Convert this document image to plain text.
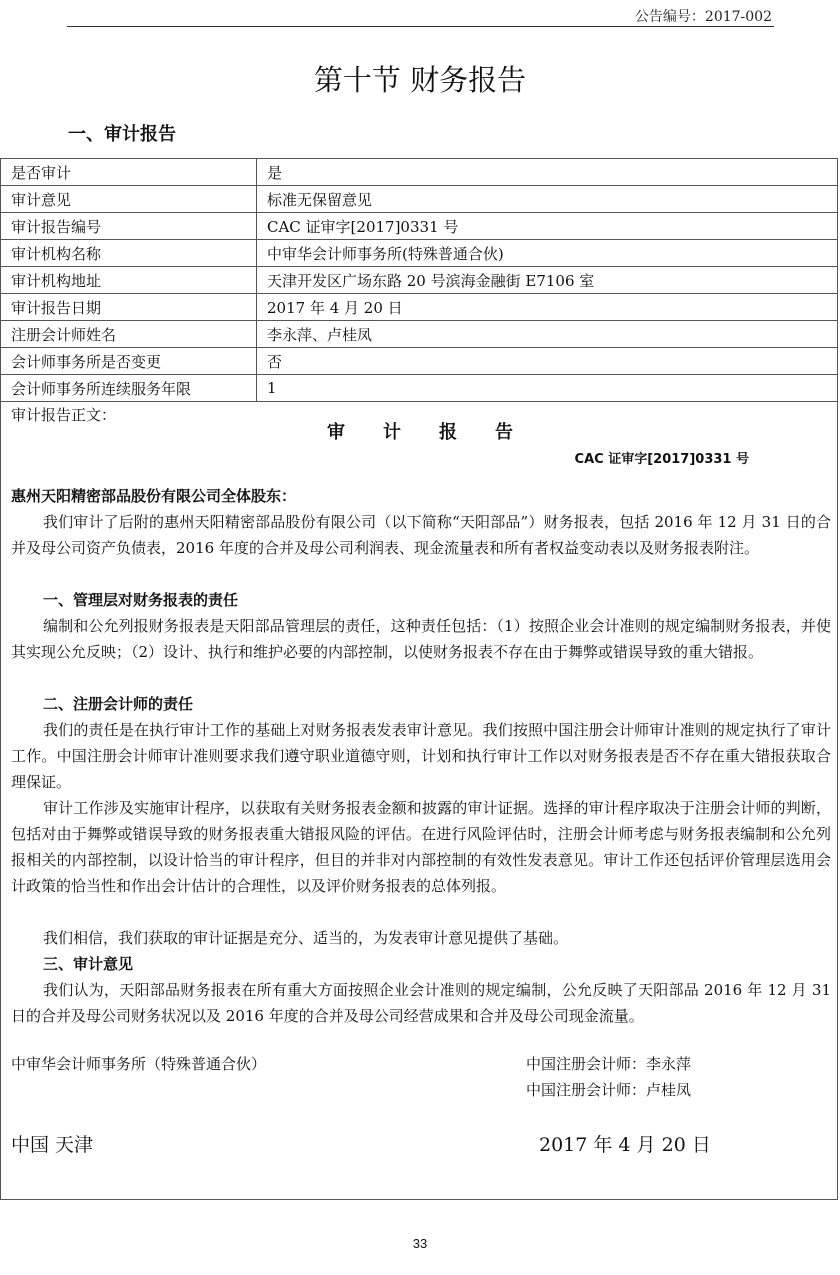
公告编号：2017-002
第十节 财务报告
一、审计报告
是否审计	是
审计意见	标准无保留意见
审计报告编号	CAC 证审字[2017]0331 号
审计机构名称	中审华会计师事务所(特殊普通合伙)
审计机构地址	天津开发区广场东路 20 号滨海金融街 E7106 室
审计报告日期	2017 年 4 月 20 日
注册会计师姓名	李永萍、卢桂凤
会计师事务所是否变更	否
会计师事务所连续服务年限	1
审计报告正文：
审计报告
CAC 证审字[2017]0331 号
惠州天阳精密部品股份有限公司全体股东：
我们审计了后附的惠州天阳精密部品股份有限公司（以下简称“天阳部品”）财务报表，包括 2016 年 12 月 31 日的合并及母公司资产负债表，2016 年度的合并及母公司利润表、现金流量表和所有者权益变动表以及财务报表附注。
一、管理层对财务报表的责任
编制和公允列报财务报表是天阳部品管理层的责任，这种责任包括：（1）按照企业会计准则的规定编制财务报表，并使其实现公允反映；（2）设计、执行和维护必要的内部控制，以使财务报表不存在由于舞弊或错误导致的重大错报。
二、注册会计师的责任
我们的责任是在执行审计工作的基础上对财务报表发表审计意见。我们按照中国注册会计师审计准则的规定执行了审计工作。中国注册会计师审计准则要求我们遵守职业道德守则，计划和执行审计工作以对财务报表是否不存在重大错报获取合理保证。
审计工作涉及实施审计程序，以获取有关财务报表金额和披露的审计证据。选择的审计程序取决于注册会计师的判断，包括对由于舞弊或错误导致的财务报表重大错报风险的评估。在进行风险评估时，注册会计师考虑与财务报表编制和公允列报相关的内部控制，以设计恰当的审计程序，但目的并非对内部控制的有效性发表意见。审计工作还包括评价管理层选用会计政策的恰当性和作出会计估计的合理性，以及评价财务报表的总体列报。
我们相信，我们获取的审计证据是充分、适当的，为发表审计意见提供了基础。
三、审计意见
我们认为，天阳部品财务报表在所有重大方面按照企业会计准则的规定编制，公允反映了天阳部品 2016 年 12 月 31 日的合并及母公司财务状况以及 2016 年度的合并及母公司经营成果和合并及母公司现金流量。
中审华会计师事务所（特殊普通合伙）	中国注册会计师：李永萍
中国注册会计师：卢桂凤
中国 天津	2017 年 4 月 20 日
33
